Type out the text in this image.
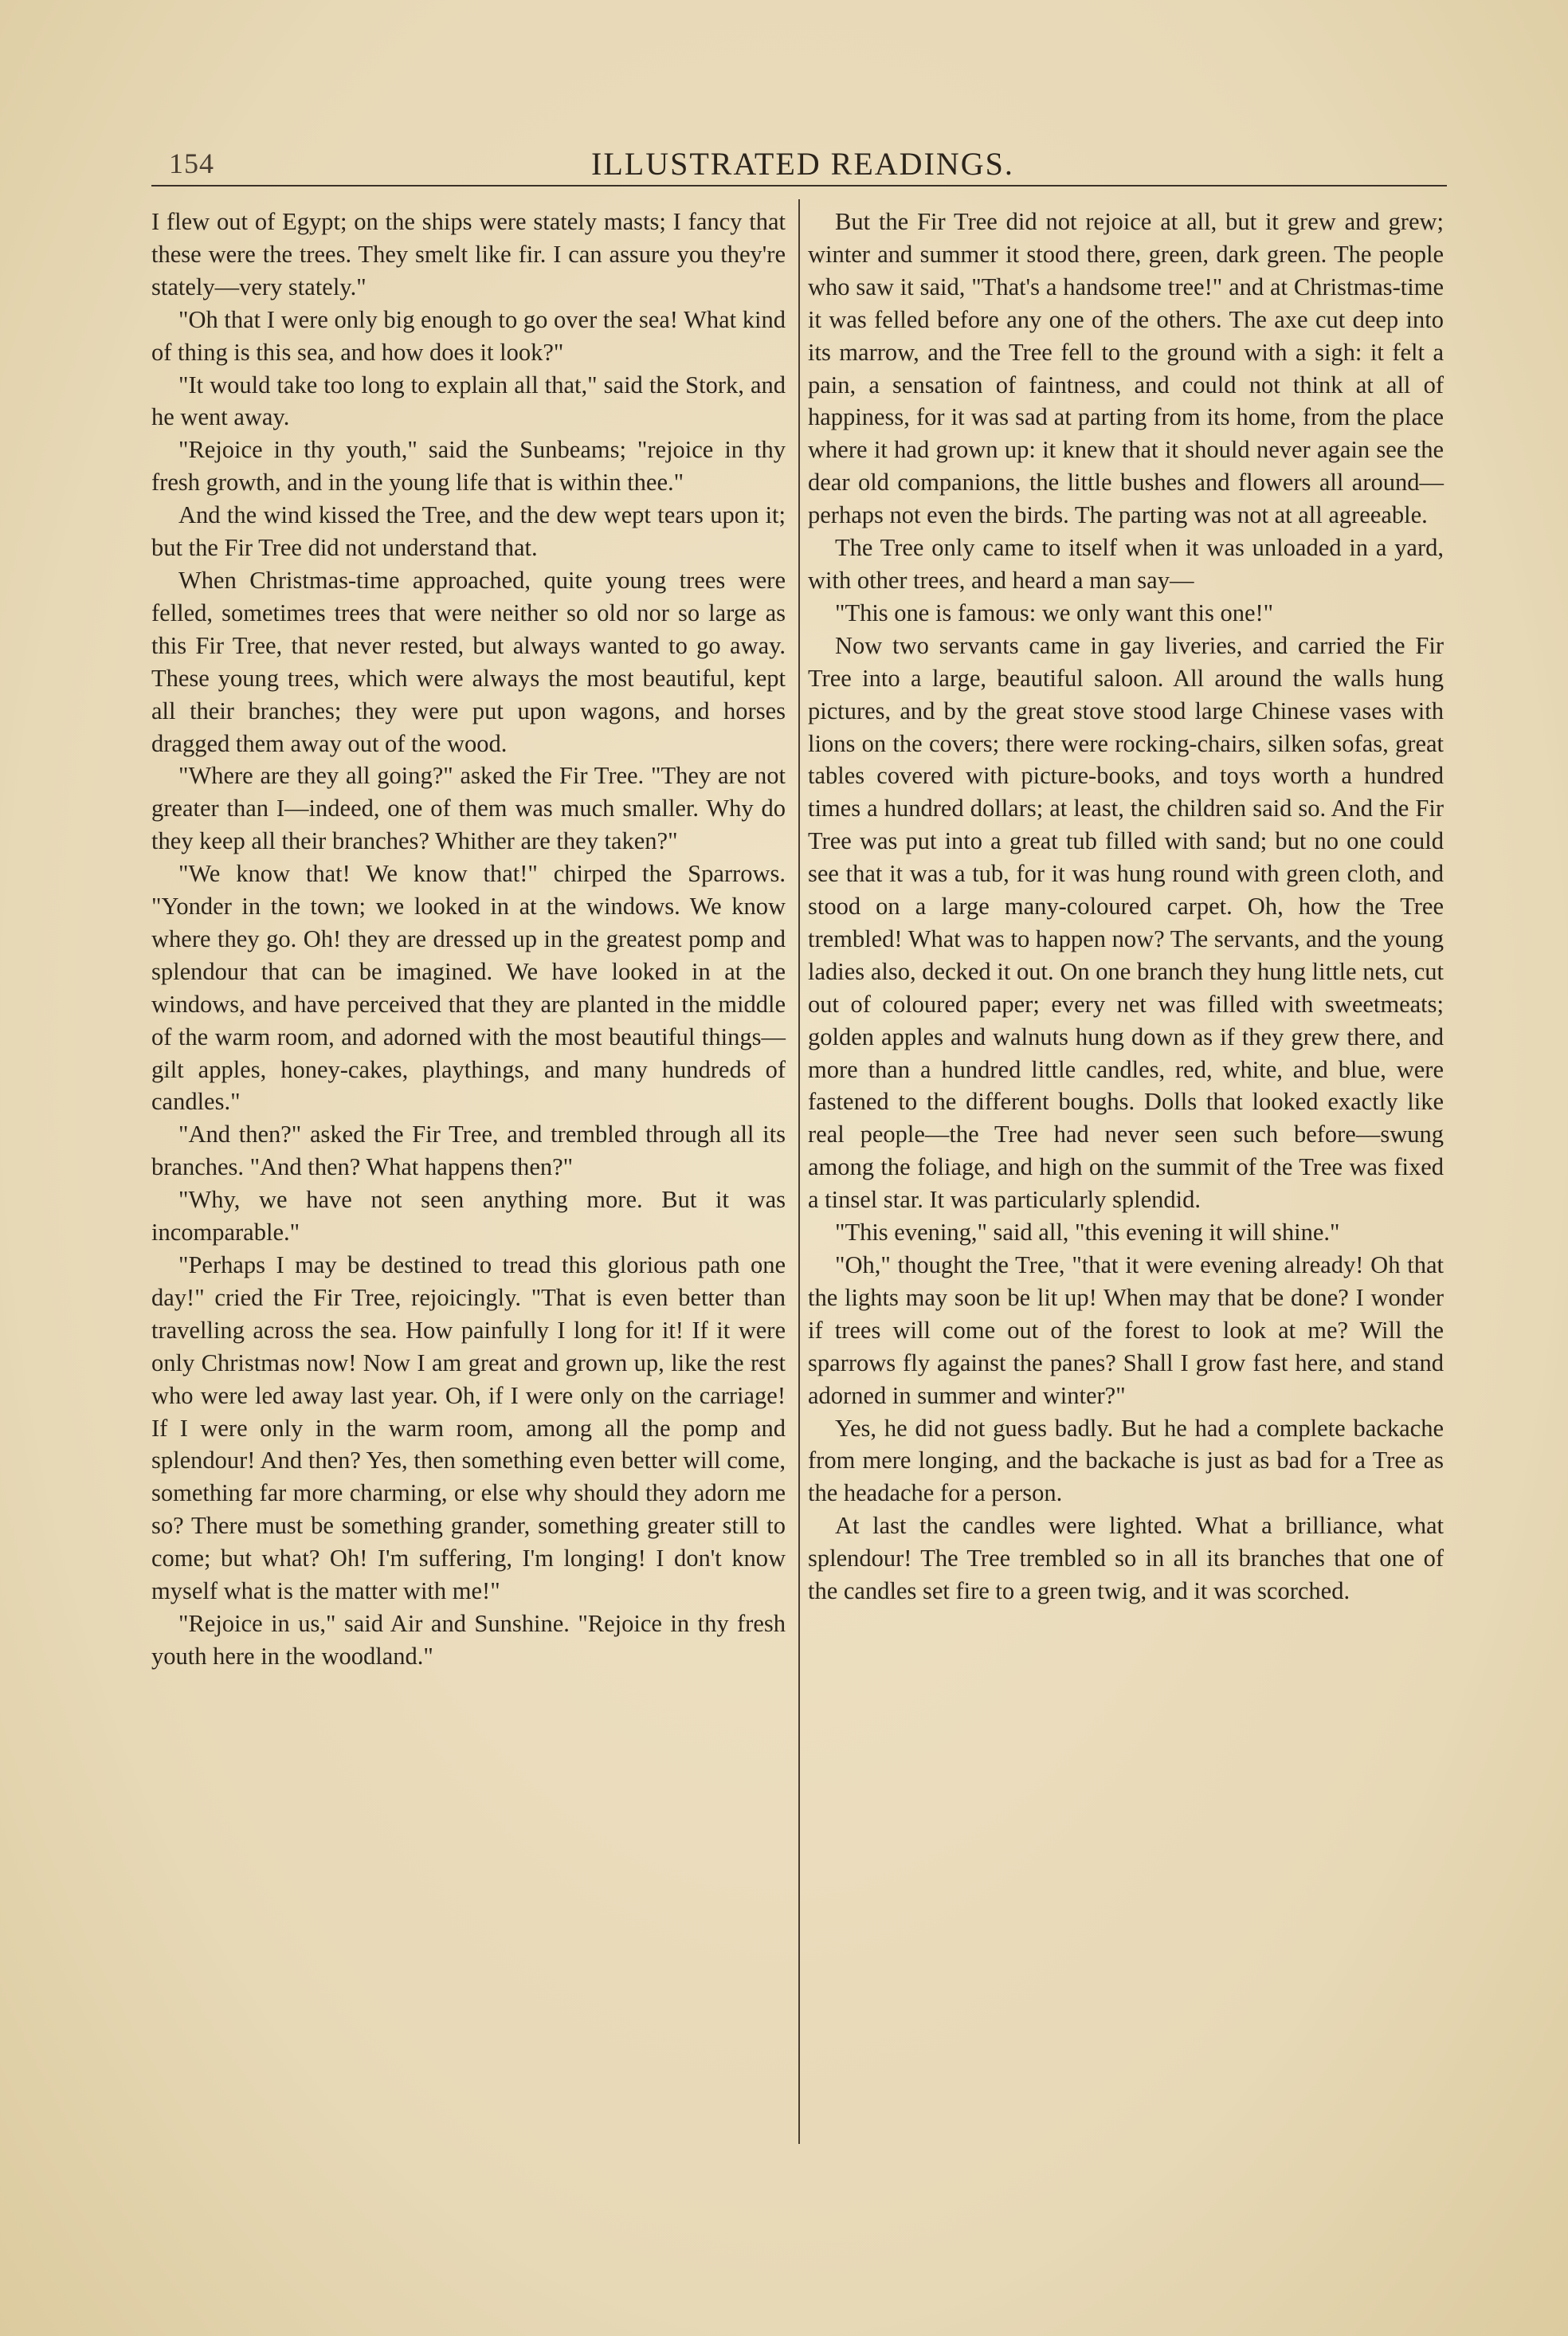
154	ILLUSTRATED READINGS.

I flew out of Egypt; on the ships were stately masts; I fancy that these were the trees. They smelt like fir. I can assure you they're stately—very stately."

"Oh that I were only big enough to go over the sea! What kind of thing is this sea, and how does it look?"

"It would take too long to explain all that," said the Stork, and he went away.

"Rejoice in thy youth," said the Sunbeams; "rejoice in thy fresh growth, and in the young life that is within thee."

And the wind kissed the Tree, and the dew wept tears upon it; but the Fir Tree did not understand that.

When Christmas-time approached, quite young trees were felled, sometimes trees that were neither so old nor so large as this Fir Tree, that never rested, but always wanted to go away. These young trees, which were always the most beautiful, kept all their branches; they were put upon wagons, and horses dragged them away out of the wood.

"Where are they all going?" asked the Fir Tree. "They are not greater than I—indeed, one of them was much smaller. Why do they keep all their branches? Whither are they taken?"

"We know that! We know that!" chirped the Sparrows. "Yonder in the town; we looked in at the windows. We know where they go. Oh! they are dressed up in the greatest pomp and splendour that can be imagined. We have looked in at the windows, and have perceived that they are planted in the middle of the warm room, and adorned with the most beautiful things—gilt apples, honey-cakes, playthings, and many hundreds of candles."

"And then?" asked the Fir Tree, and trembled through all its branches. "And then? What happens then?"

"Why, we have not seen anything more. But it was incomparable."

"Perhaps I may be destined to tread this glorious path one day!" cried the Fir Tree, rejoicingly. "That is even better than travelling across the sea. How painfully I long for it! If it were only Christmas now! Now I am great and grown up, like the rest who were led away last year. Oh, if I were only on the carriage! If I were only in the warm room, among all the pomp and splendour! And then? Yes, then something even better will come, something far more charming, or else why should they adorn me so? There must be something grander, something greater still to come; but what? Oh! I'm suffering, I'm longing! I don't know myself what is the matter with me!"

"Rejoice in us," said Air and Sunshine. "Rejoice in thy fresh youth here in the woodland."

But the Fir Tree did not rejoice at all, but it grew and grew; winter and summer it stood there, green, dark green. The people who saw it said, "That's a handsome tree!" and at Christmas-time it was felled before any one of the others. The axe cut deep into its marrow, and the Tree fell to the ground with a sigh: it felt a pain, a sensation of faintness, and could not think at all of happiness, for it was sad at parting from its home, from the place where it had grown up: it knew that it should never again see the dear old companions, the little bushes and flowers all around—perhaps not even the birds. The parting was not at all agreeable.

The Tree only came to itself when it was unloaded in a yard, with other trees, and heard a man say—

"This one is famous: we only want this one!"

Now two servants came in gay liveries, and carried the Fir Tree into a large, beautiful saloon. All around the walls hung pictures, and by the great stove stood large Chinese vases with lions on the covers; there were rocking-chairs, silken sofas, great tables covered with picture-books, and toys worth a hundred times a hundred dollars; at least, the children said so. And the Fir Tree was put into a great tub filled with sand; but no one could see that it was a tub, for it was hung round with green cloth, and stood on a large many-coloured carpet. Oh, how the Tree trembled! What was to happen now? The servants, and the young ladies also, decked it out. On one branch they hung little nets, cut out of coloured paper; every net was filled with sweetmeats; golden apples and walnuts hung down as if they grew there, and more than a hundred little candles, red, white, and blue, were fastened to the different boughs. Dolls that looked exactly like real people—the Tree had never seen such before—swung among the foliage, and high on the summit of the Tree was fixed a tinsel star. It was particularly splendid.

"This evening," said all, "this evening it will shine."

"Oh," thought the Tree, "that it were evening already! Oh that the lights may soon be lit up! When may that be done? I wonder if trees will come out of the forest to look at me? Will the sparrows fly against the panes? Shall I grow fast here, and stand adorned in summer and winter?"

Yes, he did not guess badly. But he had a complete backache from mere longing, and the backache is just as bad for a Tree as the headache for a person.

At last the candles were lighted. What a brilliance, what splendour! The Tree trembled so in all its branches that one of the candles set fire to a green twig, and it was scorched.
